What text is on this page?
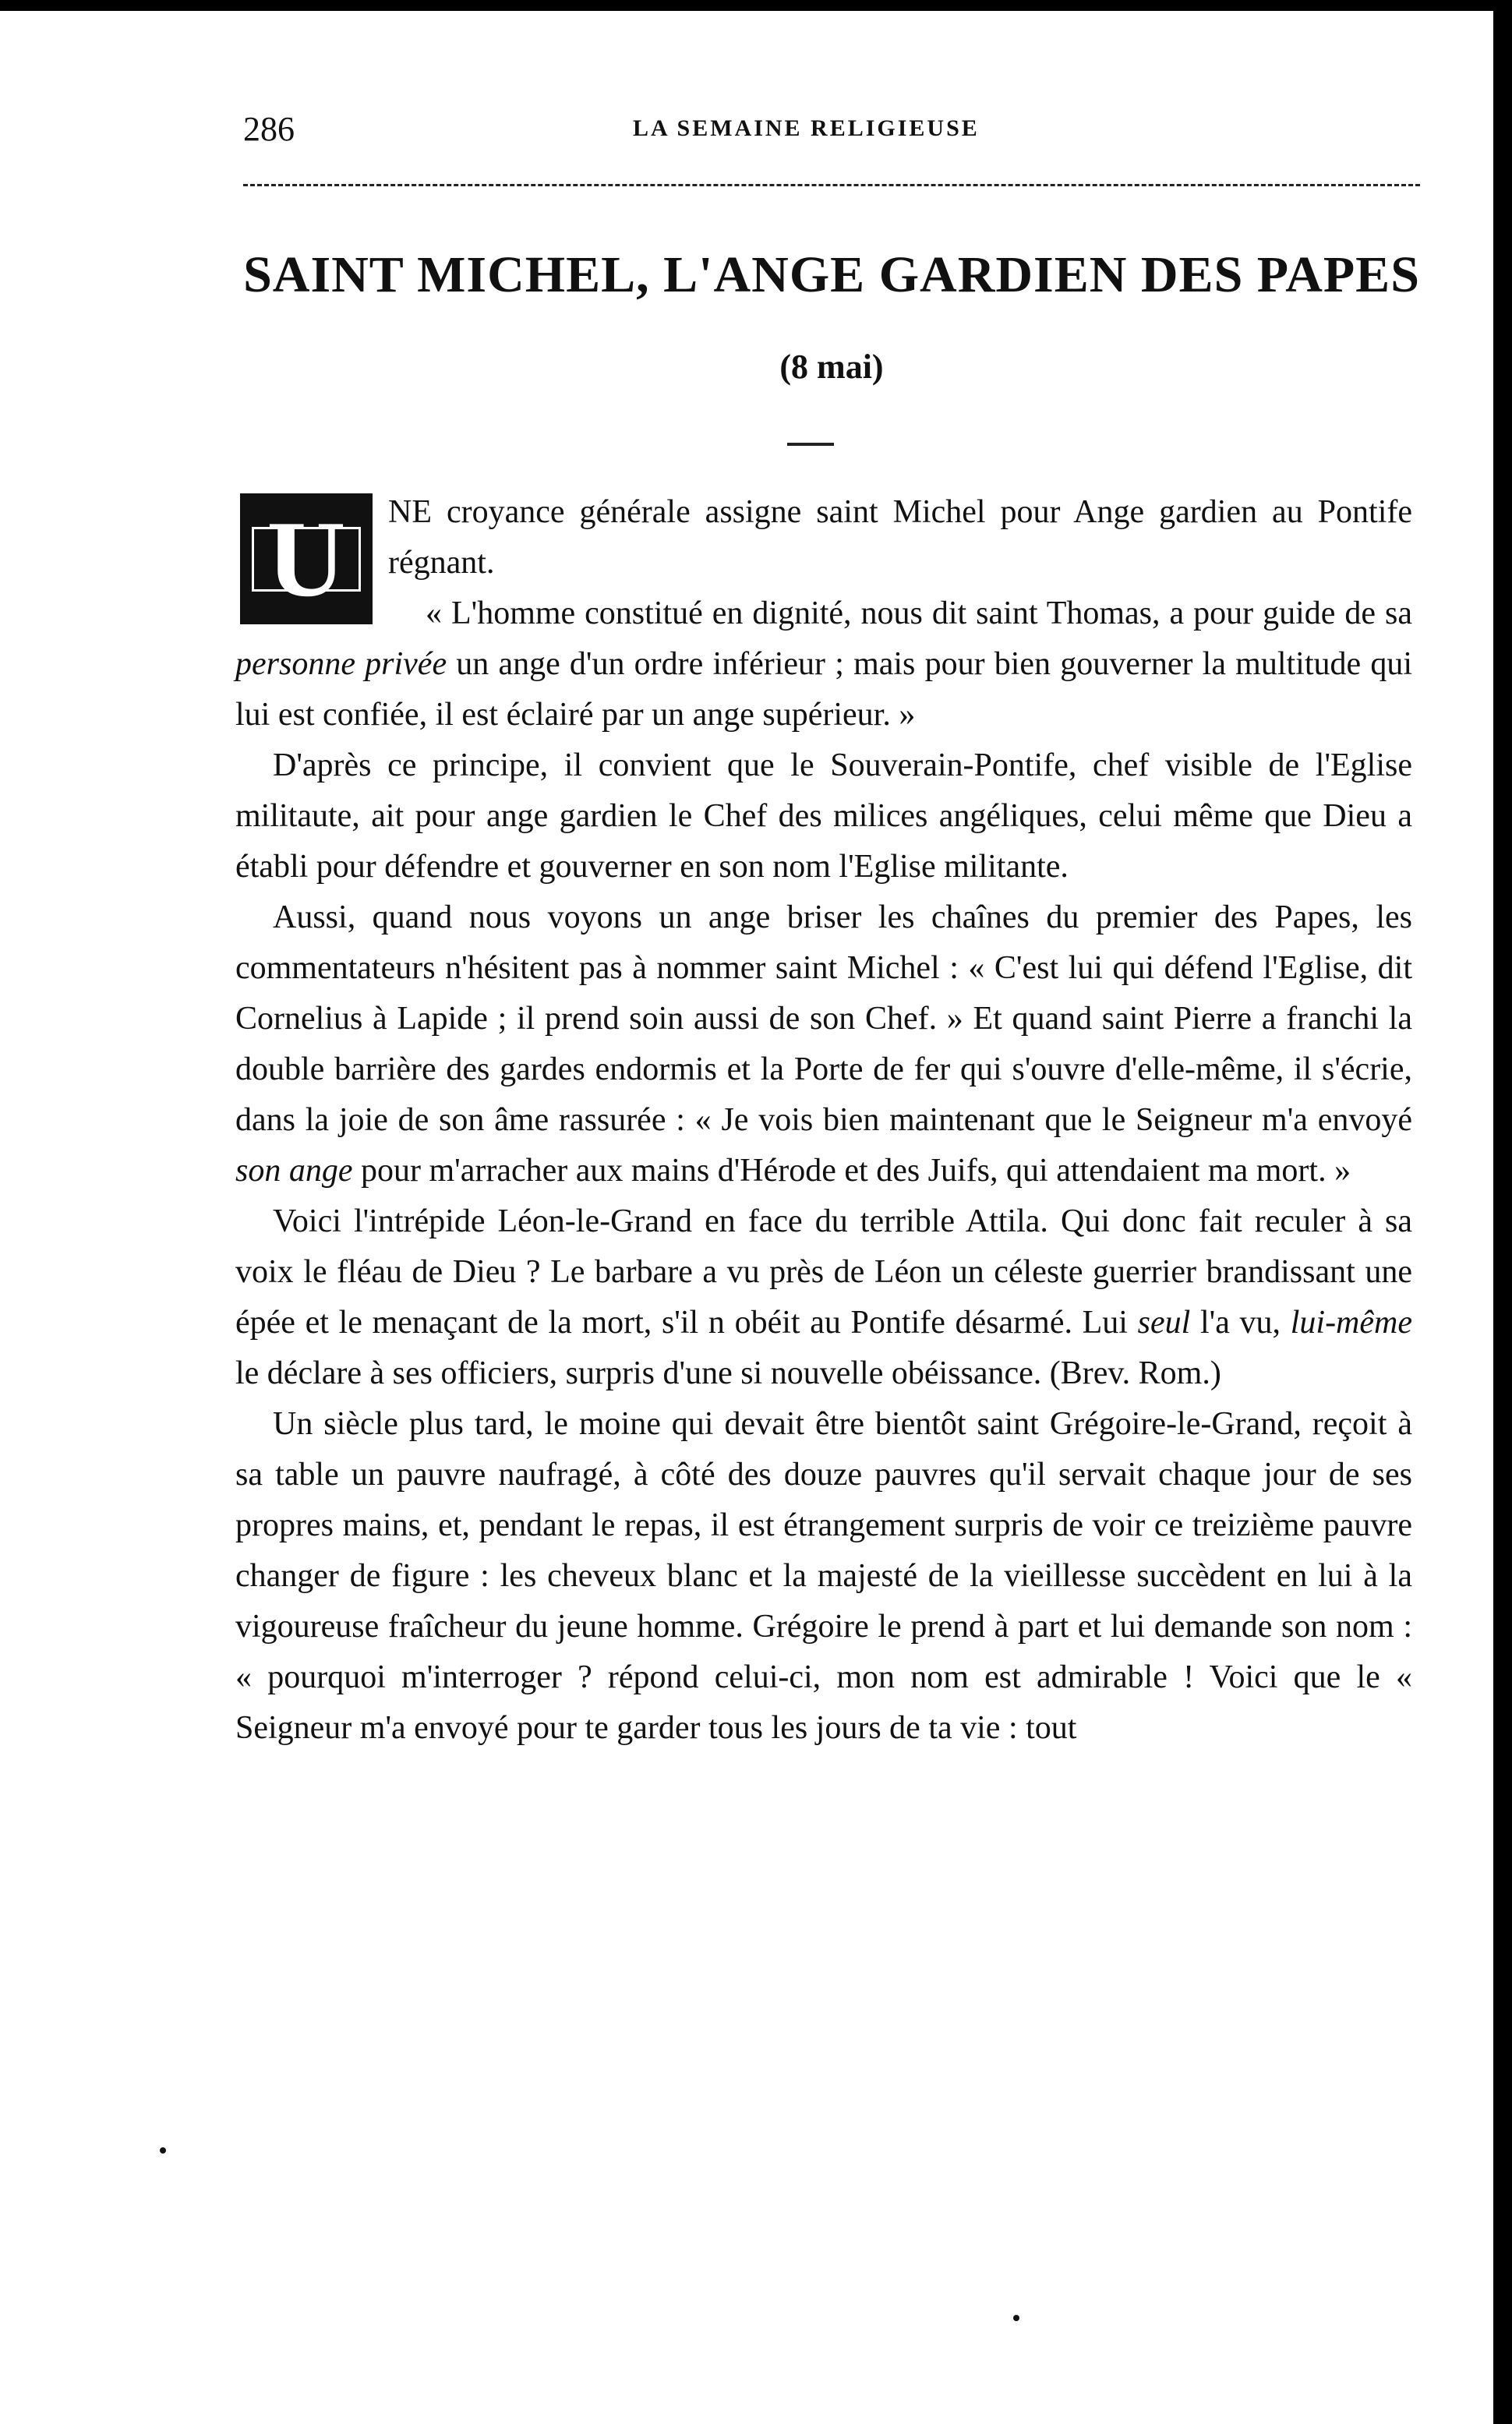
286	LA SEMAINE RELIGIEUSE
SAINT MICHEL, L'ANGE GARDIEN DES PAPES
(8 mai)

U NE croyance générale assigne saint Michel pour Ange gardien au Pontife régnant.

« L'homme constitué en dignité, nous dit saint Thomas, a pour guide de sa personne privée un ange d'un ordre inférieur ; mais pour bien gouverner la multitude qui lui est confiée, il est éclairé par un ange supérieur. »

D'après ce principe, il convient que le Souverain-Pontife, chef visible de l'Eglise militaute, ait pour ange gardien le Chef des milices angéliques, celui même que Dieu a établi pour défendre et gouverner en son nom l'Eglise militante.

Aussi, quand nous voyons un ange briser les chaînes du premier des Papes, les commentateurs n'hésitent pas à nommer saint Michel : « C'est lui qui défend l'Eglise, dit Cornelius à Lapide ; il prend soin aussi de son Chef. » Et quand saint Pierre a franchi la double barrière des gardes endormis et la Porte de fer qui s'ouvre d'elle-même, il s'écrie, dans la joie de son âme rassurée : « Je vois bien maintenant que le Seigneur m'a envoyé son ange pour m'arracher aux mains d'Hérode et des Juifs, qui attendaient ma mort. »

Voici l'intrépide Léon-le-Grand en face du terrible Attila. Qui donc fait reculer à sa voix le fléau de Dieu ? Le barbare a vu près de Léon un céleste guerrier brandissant une épée et le menaçant de la mort, s'il n obéit au Pontife désarmé. Lui seul l'a vu, lui-même le déclare à ses officiers, surpris d'une si nouvelle obéissance. (Brev. Rom.)

Un siècle plus tard, le moine qui devait être bientôt saint Grégoire-le-Grand, reçoit à sa table un pauvre naufragé, à côté des douze pauvres qu'il servait chaque jour de ses propres mains, et, pendant le repas, il est étrangement surpris de voir ce treizième pauvre changer de figure : les cheveux blanc et la majesté de la vieillesse succèdent en lui à la vigoureuse fraîcheur du jeune homme. Grégoire le prend à part et lui demande son nom : « pourquoi m'interroger ? répond celui-ci, mon nom est admirable ! Voici que le « Seigneur m'a envoyé pour te garder tous les jours de ta vie : tout
